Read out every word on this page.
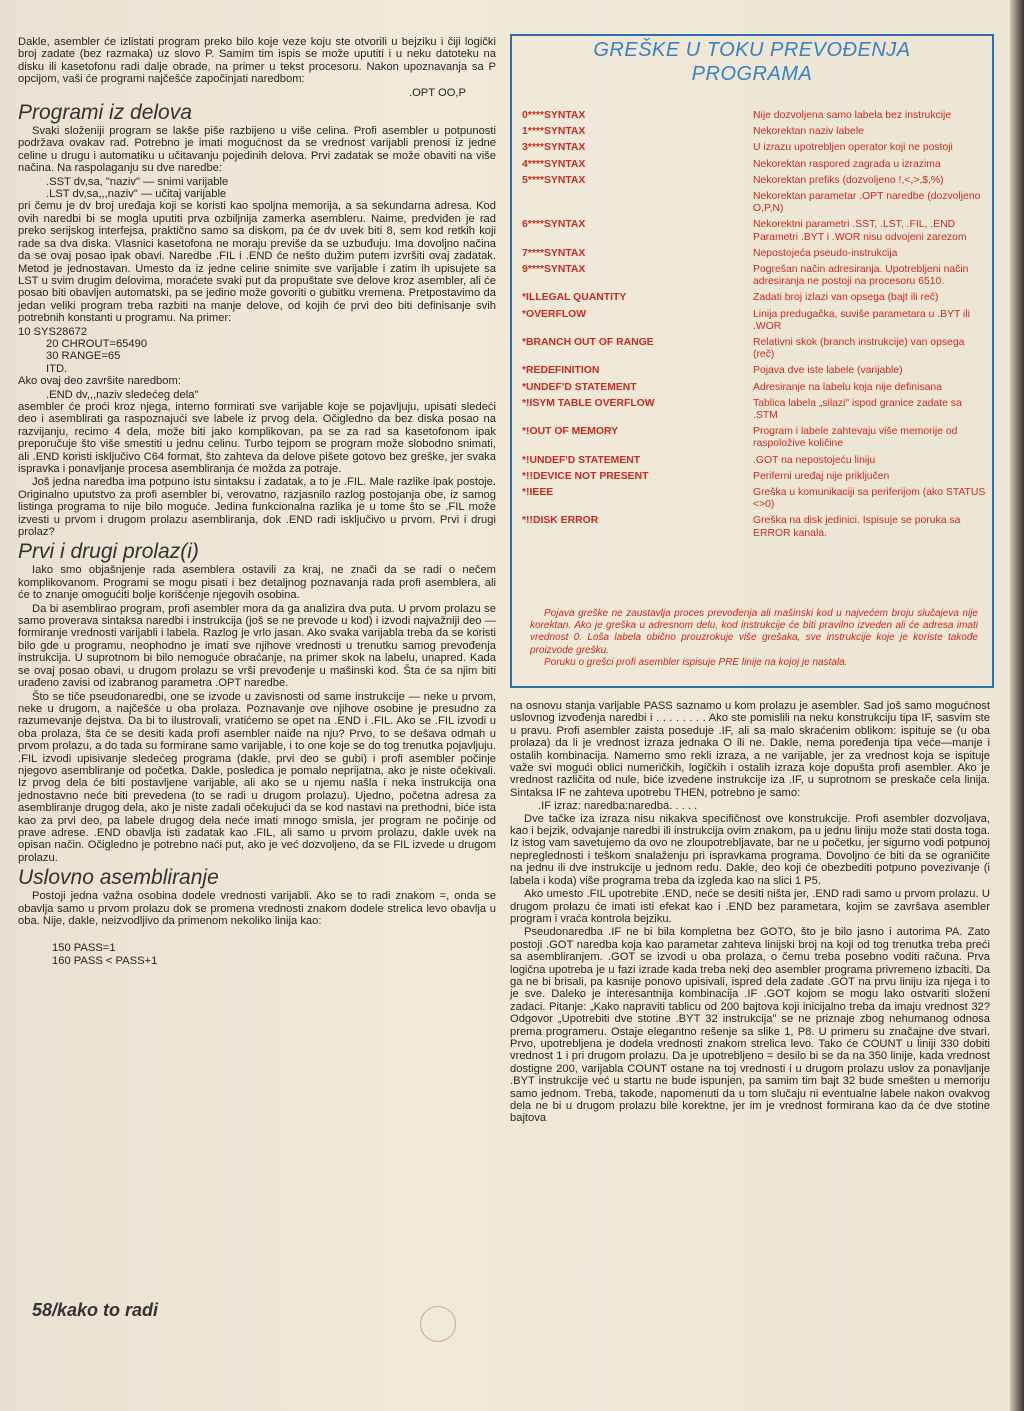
Dakle, asembler će izlistati program preko bilo koje veze koju ste otvorili u bejziku i čiji logički broj zadate (bez razmaka) uz slovo P. Samim tim ispis se može uputiti i u neku datoteku na disku ili kasetofonu radi dalje obrade, na primer u tekst procesoru. Nakon upoznavanja sa P opcijom, vaši će programi najčešće započinjati naredbom:

.OPT OO,P
Programi iz delova

Svaki složeniji program se lakše piše razbijeno u više celina. Profi asembler u potpunosti podržava ovakav rad. Potrebno je imati mogućnost da se vrednost varijabli prenosi iz jedne celine u drugu i automatiku u učitavanju pojedinih delova. Prvi zadatak se može obaviti na više načina. Na raspolaganju su dve naredbe:

.SST dv,sa, "naziv" — snimi varijable
.LST dv,sa,,,naziv" — učitaj varijable

pri čemu je dv broj uređaja koji se koristi kao spoljna memorija, a sa sekundarna adresa. Kod ovih naredbi bi se mogla uputiti prva ozbiljnija zamerka asembleru. Naime, predviđen je rad preko serijskog interfejsa, praktično samo sa diskom, pa će dv uvek biti 8, sem kod retkih koji rade sa dva diska. Vlasnici kasetofona ne moraju previše da se uzbuđuju. Ima dovoljno načina da se ovaj posao ipak obavi. Naredbe .FIL i .END će nešto dužim putem izvršiti ovaj zadatak. Metod je jednostavan. Umesto da iz jedne celine snimite sve varijable i zatim ih upisujete sa LST u svim drugim delovima, moraćete svaki put da propuštate sve delove kroz asembler, ali će posao biti obavljen automatski, pa se jedino može govoriti o gubitku vremena. Pretpostavimo da jedan veliki program treba razbiti na manje delove, od kojih će prvi deo biti definisanje svih potrebnih konstanti u programu. Na primer:

10 SYS28672
20 CHROUT=65490
30 RANGE=65
ITD.

Ako ovaj deo završite naredbom:

.END dv,,,naziv sledećeg dela"

asembler će proći kroz njega, interno formirati sve varijable koje se pojavljuju, upisati sledeći deo i asemblirati ga raspoznajući sve labele iz prvog dela. Očigledno da bez diska posao na razvijanju, recimo 4 dela, može biti jako komplikovan, pa se za rad sa kasetofonom ipak preporučuje što više smestiti u jednu celinu. Turbo tejpom se program može slobodno snimati, ali .END koristi isključivo C64 format, što zahteva da delove pišete gotovo bez greške, jer svaka ispravka i ponavljanje procesa asembliranja će možda za potraje.

Još jedna naredba ima potpuno istu sintaksu i zadatak, a to je .FIL. Male razlike ipak postoje. Originalno uputstvo za profi asembler bi, verovatno, razjasnilo razlog postojanja obe, iz samog listinga programa to nije bilo moguće. Jedina funkcionalna razlika je u tome što se .FIL može izvesti u prvom i drugom prolazu asembliranja, dok .END radi isključivo u prvom. Prvi i drugi prolaz?

Prvi i drugi prolaz(i)

Iako smo objašnjenje rada asemblera ostavili za kraj, ne znači da se radi o nečem komplikovanom. Programi se mogu pisati i bez detaljnog poznavanja rada profi asemblera, ali će to znanje omogućiti bolje korišćenje njegovih osobina.

Da bi asemblirao program, profi asembler mora da ga analizira dva puta. U prvom prolazu se samo proverava sintaksa naredbi i instrukcija (još se ne prevode u kod) i izvodi najvažniji deo — formiranje vrednosti varijabli i labela. Razlog je vrlo jasan. Ako svaka varijabla treba da se koristi bilo gde u programu, neophodno je imati sve njihove vrednosti u trenutku samog prevođenja instrukcija. U suprotnom bi bilo nemoguće obraćanje, na primer skok na labelu, unapred. Kada se ovaj posao obavi, u drugom prolazu se vrši prevođenje u mašinski kod. Šta će sa njim biti urađeno zavisi od izabranog parametra .OPT naredbe.

Što se tiče pseudonaredbi, one se izvode u zavisnosti od same instrukcije — neke u prvom, neke u drugom, a najčešće u oba prolaza. Poznavanje ove njihove osobine je presudno za razumevanje dejstva. Da bi to ilustrovali, vratićemo se opet na .END i .FIL. Ako se .FIL izvodi u oba prolaza, šta će se desiti kada profi asembler naiđe na nju? Prvo, to se dešava odmah u prvom prolazu, a do tada su formirane samo varijable, i to one koje se do tog trenutka pojavljuju. .FIL izvodi upisivanje sledećeg programa (dakle, prvi deo se gubi) i profi asembler počinje njegovo asembliranje od početka. Dakle, posledica je pomalo neprijatna, ako je niste očekivali. Iz prvog dela će biti postavljene varijable, ali ako se u njemu našla i neka instrukcija ona jednostavno neće biti prevedena (to se radi u drugom prolazu). Ujedno, početna adresa za asembliranje drugog dela, ako je niste zadali očekujući da se kod nastavi na prethodni, biće ista kao za prvi deo, pa labele drugog dela neće imati mnogo smisla, jer program ne počinje od prave adrese. .END obavlja isti zadatak kao .FIL, ali samo u prvom prolazu, dakle uvek na opisan način. Očigledno je potrebno naći put, ako je već dozvoljeno, da se FIL izvede u drugom prolazu.

Uslovno asembliranje

Postoji jedna važna osobina dodele vrednosti varijabli. Ako se to radi znakom =, onda se obavlja samo u prvom prolazu dok se promena vrednosti znakom dodele strelica levo obavlja u oba. Nije, dakle, neizvodljivo da primenom nekoliko linija kao:

150 PASS=1
160 PASS < PASS+1
58/kako to radi
GREŠKE U TOKU PREVOĐENJA
PROGRAMA
0****SYNTAX	Nije dozvoljena samo labela bez instrukcije
1****SYNTAX	Nekorektan naziv labele
3****SYNTAX	U izrazu upotrebljen operator koji ne postoji
4****SYNTAX	Nekorektan raspored zagrada u izrazima
5****SYNTAX	Nekorektan prefiks (dozvoljeno !,<,>,$,%)
Nekorektan parametar .OPT naredbe (dozvoljeno O,P,N)
6****SYNTAX	Nekorektni parametri .SST, .LST, .FIL, .END Parametri .BYT i .WOR nisu odvojeni zarezom
7****SYNTAX	Nepostojeća pseudo-instrukcija
9****SYNTAX	Pogrešan način adresiranja. Upotrebljeni način adresiranja ne postoji na procesoru 6510.
*ILLEGAL QUANTITY	Zadati broj izlazi van opsega (bajt ili reč)
*OVERFLOW	Linija predugačka, suviše parametara u .BYT ili .WOR
*BRANCH OUT OF RANGE	Relativni skok (branch instrukcije) van opsega (reč)
*REDEFINITION	Pojava dve iste labele (varijable)
*UNDEF'D STATEMENT	Adresiranje na labelu koja nije definisana
*!ISYM TABLE OVERFLOW	Tablica labela „silazi" ispod granice zadate sa .STM
*!OUT OF MEMORY	Program i labele zahtevaju više memorije od raspoložive količine
*!UNDEF'D STATEMENT	.GOT na nepostojeću liniju
*!!DEVICE NOT PRESENT	Periferni uređaj nije priključen
*!IEEE	Greška u komunikaciji sa periferijom (ako STATUS <>0)
*!!DISK ERROR	Greška na disk jedinici. Ispisuje se poruka sa ERROR kanala.

Pojava greške ne zaustavlja proces prevođenja ali mašinski kod u najvećem broju slučajeva nije korektan. Ako je greška u adresnom delu, kod instrukcije će biti pravilno izveden ali će adresa imati vrednost 0. Loša labela obično prouzrokuje više grešaka, sve instrukcije koje je koriste takođe proizvode grešku.

Poruku o grešci profi asembler ispisuje PRE linije na kojoj je nastala.

na osnovu stanja varijable PASS saznamo u kom prolazu je asembler. Sad još samo mogućnost uslovnog izvođenja naredbi i . . . . . . . . Ako ste pomislili na neku konstrukciju tipa IF, sasvim ste u pravu. Profi asembler zaista poseduje .IF, ali sa malo skraćenim oblikom: ispituje se (u oba prolaza) da li je vrednost izraza jednaka O ili ne. Dakle, nema poređenja tipa veće—manje i ostalih kombinacija. Namerno smo rekli izraza, a ne varijable, jer za vrednost koja se ispituje važe svi mogući oblici numeričkih, logičkih i ostalih izraza koje dopušta profi asembler. Ako je vrednost različita od nule, biće izvedene instrukcije iza .IF, u suprotnom se preskače cela linija. Sintaksa IF ne zahteva upotrebu THEN, potrebno je samo:

.IF izraz: naredba:naredba. . . . .

Dve tačke iza izraza nisu nikakva specifičnost ove konstrukcije. Profi asembler dozvoljava, kao i bejzik, odvajanje naredbi ili instrukcija ovim znakom, pa u jednu liniju može stati dosta toga. Iz istog vam savetujemo da ovo ne zloupotrebljavate, bar ne u početku, jer sigurno vodi potpunoj nepreglednosti i teškom snalaženju pri ispravkama programa. Dovoljno će biti da se ograničite na jednu ili dve instrukcije u jednom redu. Dakle, deo koji će obezbediti potpuno povezivanje (i labela i koda) više programa treba da izgleda kao na slici 1 P5.

Ako umesto .FIL upotrebite .END, neće se desiti ništa jer, .END radi samo u prvom prolazu. U drugom prolazu će imati isti efekat kao i .END bez parametara, kojim se završava asembler program i vraća kontrola bejziku.

Pseudonaredba .IF ne bi bila kompletna bez GOTO, što je bilo jasno i autorima PA. Zato postoji .GOT naredba koja kao parametar zahteva linijski broj na koji od tog trenutka treba preći sa asembliranjem. .GOT se izvodi u oba prolaza, o čemu treba posebno voditi računa. Prva logična upotreba je u fazi izrade kada treba neki deo asembler programa privremeno izbaciti. Da ga ne bi brisali, pa kasnije ponovo upisivali, ispred dela zadate .GOT na prvu liniju iza njega i to je sve. Daleko je interesantnija kombinacija .IF .GOT kojom se mogu lako ostvariti složeni zadaci. Pitanje: „Kako napraviti tablicu od 200 bajtova koji inicijalno treba da imaju vrednost 32? Odgovor „Upotrebiti dve stotine .BYT 32 instrukcija" se ne priznaje zbog nehumanog odnosa prema programeru. Ostaje elegantno rešenje sa slike 1, P8. U primeru su značajne dve stvari. Prvo, upotrebljena je dodela vrednosti znakom strelica levo. Tako će COUNT u liniji 330 dobiti vrednost 1 i pri drugom prolazu. Da je upotrebljeno = desilo bi se da na 350 linije, kada vrednost dostigne 200, varijabla COUNT ostane na toj vrednosti i u drugom prolazu uslov za ponavljanje .BYT instrukcije već u startu ne bude ispunjen, pa samim tim bajt 32 bude smešten u memoriju samo jednom. Treba, takođe, napomenuti da u tom slučaju ni eventualne labele nakon ovakvog dela ne bi u drugom prolazu bile korektne, jer im je vrednost formirana kao da će dve stotine bajtova
